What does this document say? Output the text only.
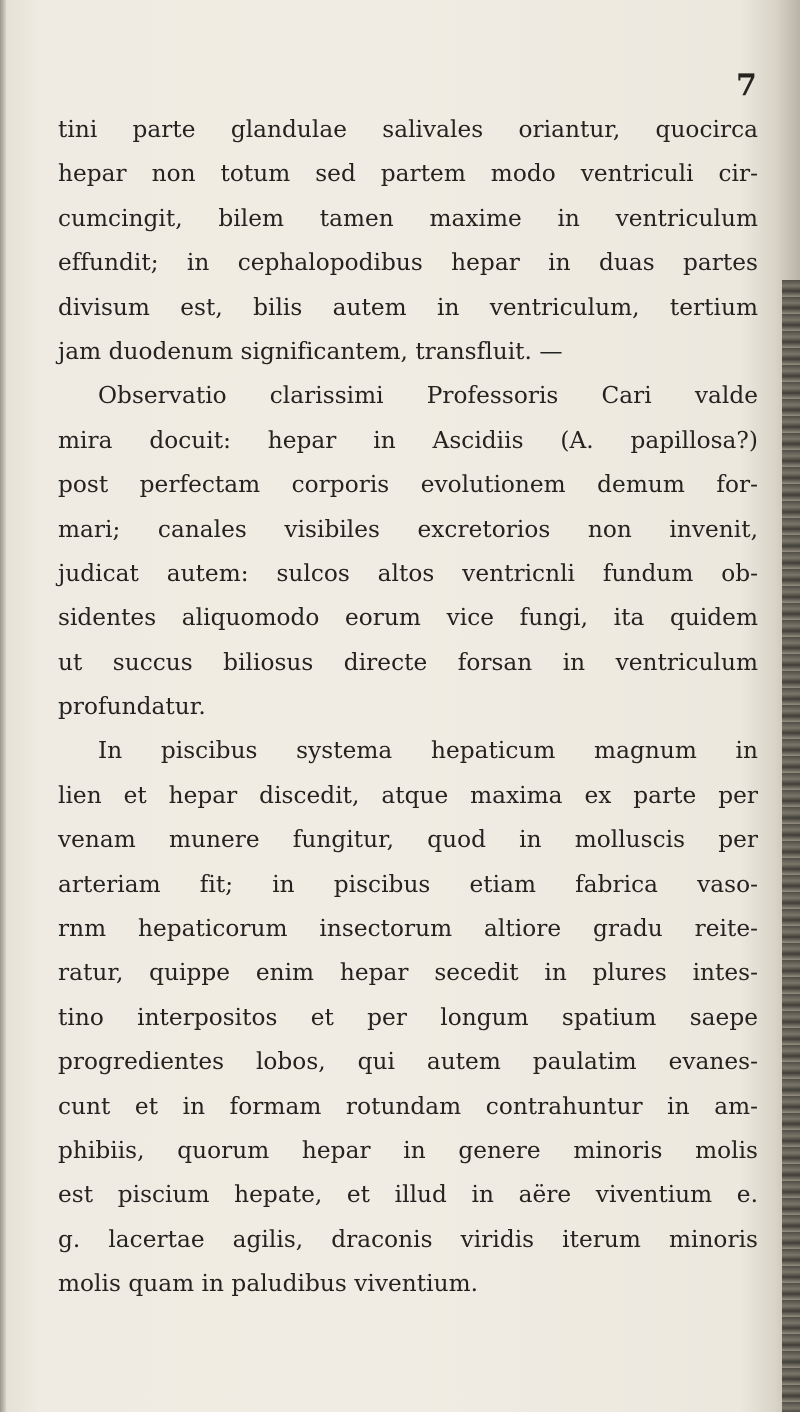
7
tini parte glandulae salivales oriantur, quocirca
hepar non totum sed partem modo ventriculi cir-
cumcingit, bilem tamen maxime in ventriculum
effundit; in cephalopodibus hepar in duas partes
divisum est, bilis autem in ventriculum, tertium
jam duodenum significantem, transfluit. —
Observatio clarissimi Professoris Cari valde
mira docuit: hepar in Ascidiis (A. papillosa?)
post perfectam corporis evolutionem demum for-
mari; canales visibiles excretorios non invenit,
judicat autem: sulcos altos ventricnli fundum ob-
sidentes aliquomodo eorum vice fungi, ita quidem
ut succus biliosus directe forsan in ventriculum
profundatur.
In piscibus systema hepaticum magnum in
lien et hepar discedit, atque maxima ex parte per
venam munere fungitur, quod in molluscis per
arteriam fit; in piscibus etiam fabrica vaso-
rnm hepaticorum insectorum altiore gradu reite-
ratur, quippe enim hepar secedit in plures intes-
tino interpositos et per longum spatium saepe
progredientes lobos, qui autem paulatim evanes-
cunt et in formam rotundam contrahuntur in am-
phibiis, quorum hepar in genere minoris molis
est piscium hepate, et illud in aëre viventium e.
g. lacertae agilis, draconis viridis iterum minoris
molis quam in paludibus viventium.
